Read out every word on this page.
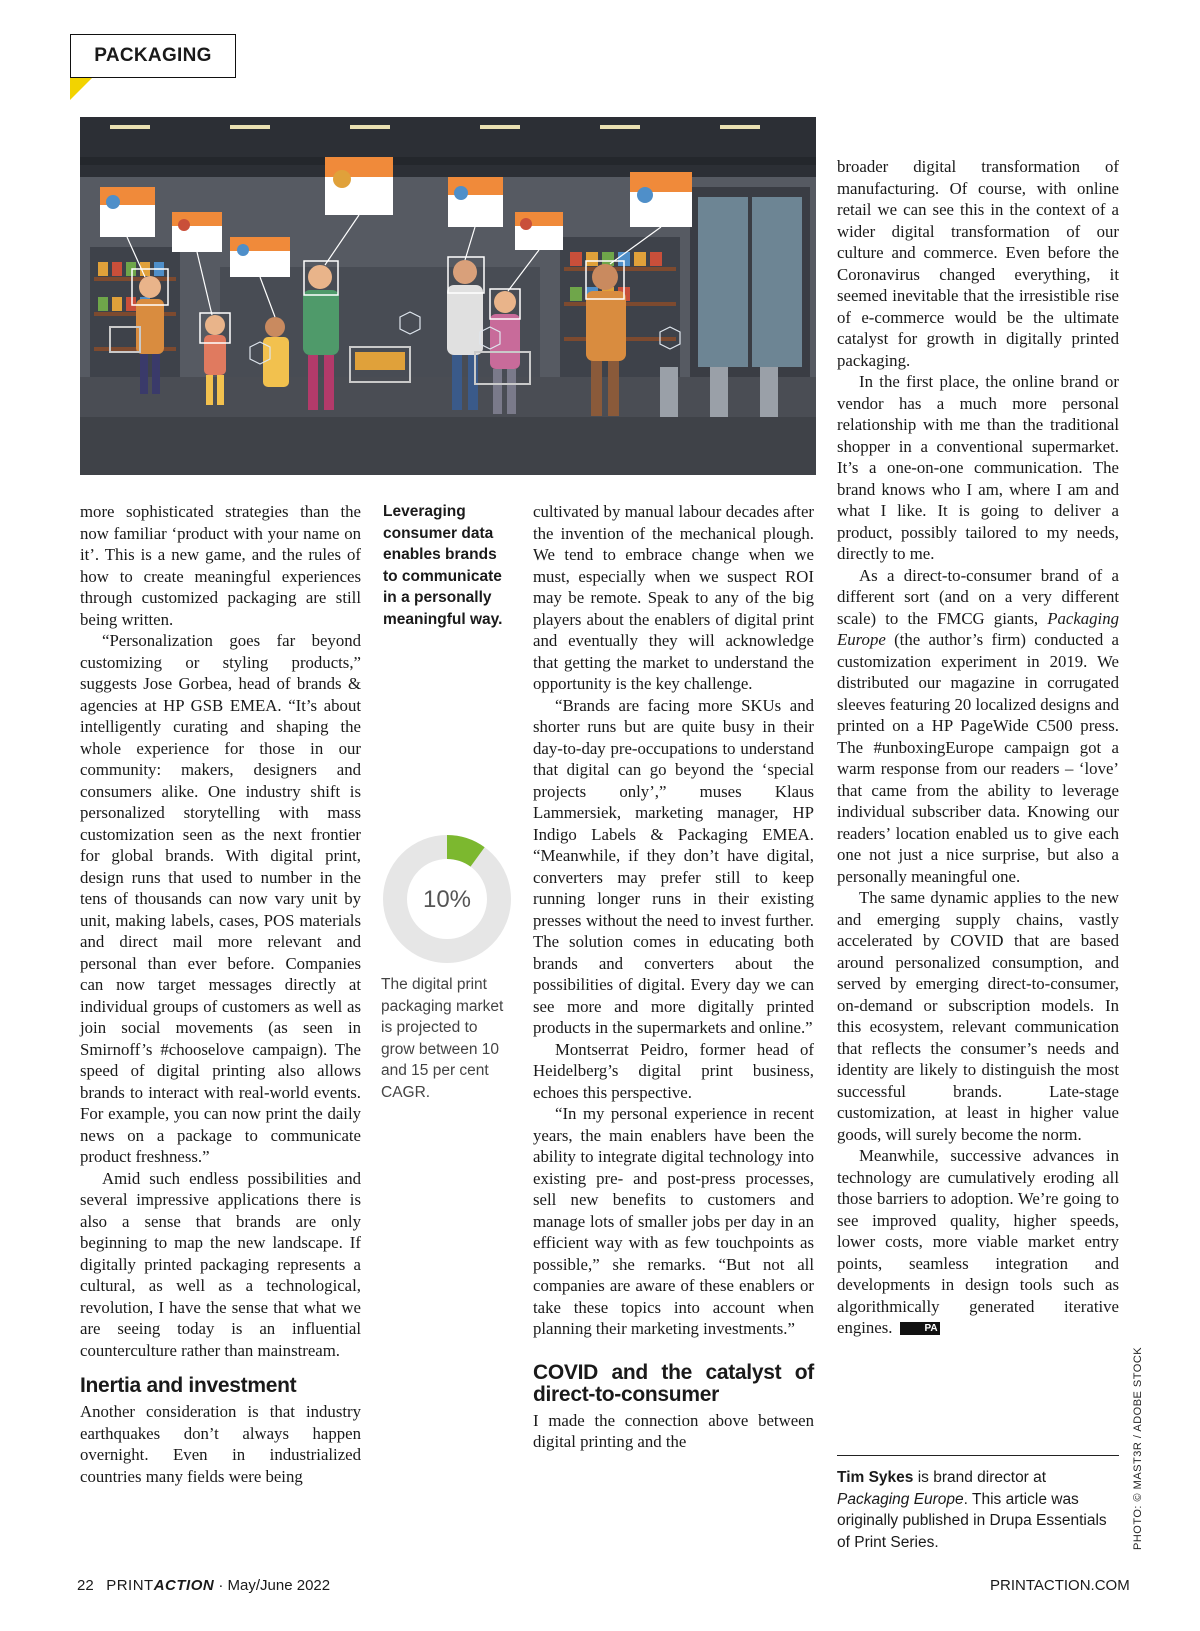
PACKAGING

more sophisticated strategies than the now familiar ‘product with your name on it’. This is a new game, and the rules of how to create meaningful experiences through customized packaging are still being written.

“Personalization goes far beyond customizing or styling products,” suggests Jose Gorbea, head of brands & agencies at HP GSB EMEA. “It’s about intelligently curating and shaping the whole experience for those in our community: makers, designers and consumers alike. One industry shift is personalized storytelling with mass customization seen as the next frontier for global brands. With digital print, design runs that used to number in the tens of thousands can now vary unit by unit, making labels, cases, POS materials and direct mail more relevant and personal than ever before. Companies can now target messages directly at individual groups of customers as well as join social movements (as seen in Smirnoff’s #chooselove campaign). The speed of digital printing also allows brands to interact with real-world events. For example, you can now print the daily news on a package to communicate product freshness.”

Amid such endless possibilities and several impressive applications there is also a sense that brands are only beginning to map the new landscape. If digitally printed packaging represents a cultural, as well as a technological, revolution, I have the sense that what we are seeing today is an influential counterculture rather than mainstream.

Inertia and investment

Another consideration is that industry earthquakes don’t always happen overnight. Even in industrialized countries many fields were being

Leveraging consumer data enables brands to communicate in a personally meaningful way.
10%
The digital print packaging market is projected to grow between 10 and 15 per cent CAGR.

cultivated by manual labour decades after the invention of the mechanical plough. We tend to embrace change when we must, especially when we suspect ROI may be remote. Speak to any of the big players about the enablers of digital print and eventually they will acknowledge that getting the market to understand the opportunity is the key challenge.

“Brands are facing more SKUs and shorter runs but are quite busy in their day-to-day pre-occupations to understand that digital can go beyond the ‘special projects only’,” muses Klaus Lammersiek, marketing manager, HP Indigo Labels & Packaging EMEA. “Meanwhile, if they don’t have digital, converters may prefer still to keep running longer runs in their existing presses without the need to invest further. The solution comes in educating both brands and converters about the possibilities of digital. Every day we can see more and more digitally printed products in the supermarkets and online.”

Montserrat Peidro, former head of Heidelberg’s digital print business, echoes this perspective.

“In my personal experience in recent years, the main enablers have been the ability to integrate digital technology into existing pre- and post-press processes, sell new benefits to customers and manage lots of smaller jobs per day in an efficient way with as few touchpoints as possible,” she remarks. “But not all companies are aware of these enablers or take these topics into account when planning their marketing investments.”

COVID and the catalyst of direct-to-consumer

I made the connection above between digital printing and the

broader digital transformation of manufacturing. Of course, with online retail we can see this in the context of a wider digital transformation of our culture and commerce. Even before the Coronavirus changed everything, it seemed inevitable that the irresistible rise of e-commerce would be the ultimate catalyst for growth in digitally printed packaging.

In the first place, the online brand or vendor has a much more personal relationship with me than the traditional shopper in a conventional supermarket. It’s a one-on-one communication. The brand knows who I am, where I am and what I like. It is going to deliver a product, possibly tailored to my needs, directly to me.

As a direct-to-consumer brand of a different sort (and on a very different scale) to the FMCG giants, Packaging Europe (the author’s firm) conducted a customization experiment in 2019. We distributed our magazine in corrugated sleeves featuring 20 localized designs and printed on a HP PageWide C500 press. The #unboxingEurope campaign got a warm response from our readers – ‘love’ that came from the ability to leverage individual subscriber data. Knowing our readers’ location enabled us to give each one not just a nice surprise, but also a personally meaningful one.

The same dynamic applies to the new and emerging supply chains, vastly accelerated by COVID that are based around personalized consumption, and served by emerging direct-to-consumer, on-demand or subscription models. In this ecosystem, relevant communication that reflects the consumer’s needs and identity are likely to distinguish the most successful brands. Late-stage customization, at least in higher value goods, will surely become the norm.

Meanwhile, successive advances in technology are cumulatively eroding all those barriers to adoption. We’re going to see improved quality, higher speeds, lower costs, more viable market entry points, seamless integration and developments in design tools such as algorithmically generated iterative engines.	PA

Tim Sykes is brand director at Packaging Europe. This article was originally published in Drupa Essentials of Print Series.	PHOTO: © MAST3R / ADOBE STOCK
22 PRINTACTION · May/June 2022	PRINTACTION.COM
